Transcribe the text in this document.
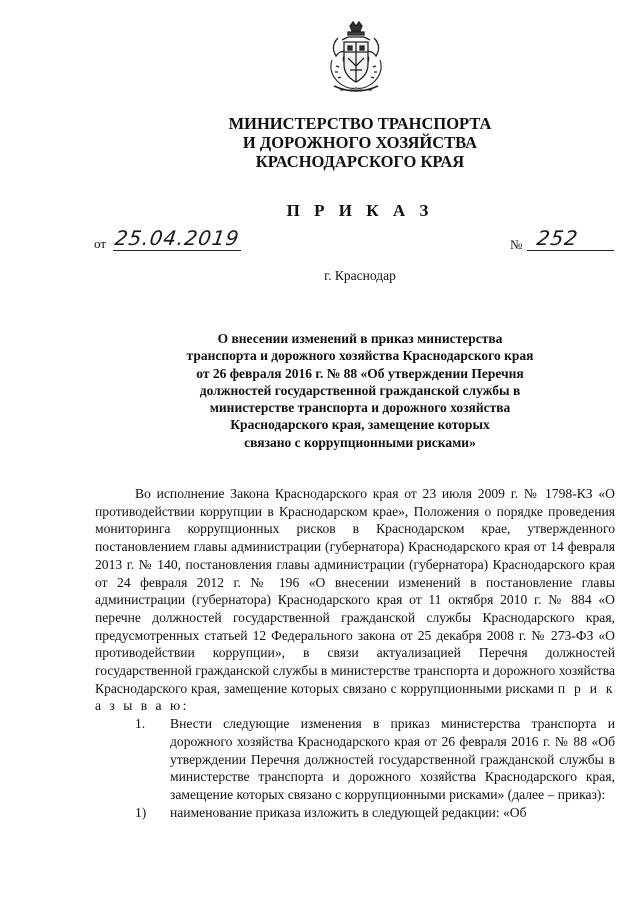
МИНИСТЕРСТВО ТРАНСПОРТА
И ДОРОЖНОГО ХОЗЯЙСТВА
КРАСНОДАРСКОГО КРАЯ
П Р И К А З
от 25.04.2019	№ 252
г. Краснодар
О внесении изменений в приказ министерства
транспорта и дорожного хозяйства Краснодарского края
от 26 февраля 2016 г. № 88 «Об утверждении Перечня
должностей государственной гражданской службы в
министерстве транспорта и дорожного хозяйства
Краснодарского края, замещение которых
связано с коррупционными рисками»

Во исполнение Закона Краснодарского края от 23 июля 2009 г. № 1798-КЗ «О противодействии коррупции в Краснодарском крае», Положения о порядке проведения мониторинга коррупционных рисков в Краснодарском крае, утвержденного постановлением главы администрации (губернатора) Краснодарского края от 14 февраля 2013 г. № 140, постановления главы администрации (губернатора) Краснодарского края от 24 февраля 2012 г. № 196 «О внесении изменений в постановление главы администрации (губернатора) Краснодарского края от 11 октября 2010 г. № 884 «О перечне должностей государственной гражданской службы Краснодарского края, предусмотренных статьей 12 Федерального закона от 25 декабря 2008 г. № 273-ФЗ «О противодействии коррупции», в связи актуализацией Перечня должностей государственной гражданской службы в министерстве транспорта и дорожного хозяйства Краснодарского края, замещение которых связано с коррупционными рисками п р и к а з ы в а ю:

1.	Внести следующие изменения в приказ министерства транспорта и дорожного хозяйства Краснодарского края от 26 февраля 2016 г. № 88 «Об утверждении Перечня должностей государственной гражданской службы в министерстве транспорта и дорожного хозяйства Краснодарского края, замещение которых связано с коррупционными рисками» (далее – приказ):
1)	наименование приказа изложить в следующей редакции: «Об
